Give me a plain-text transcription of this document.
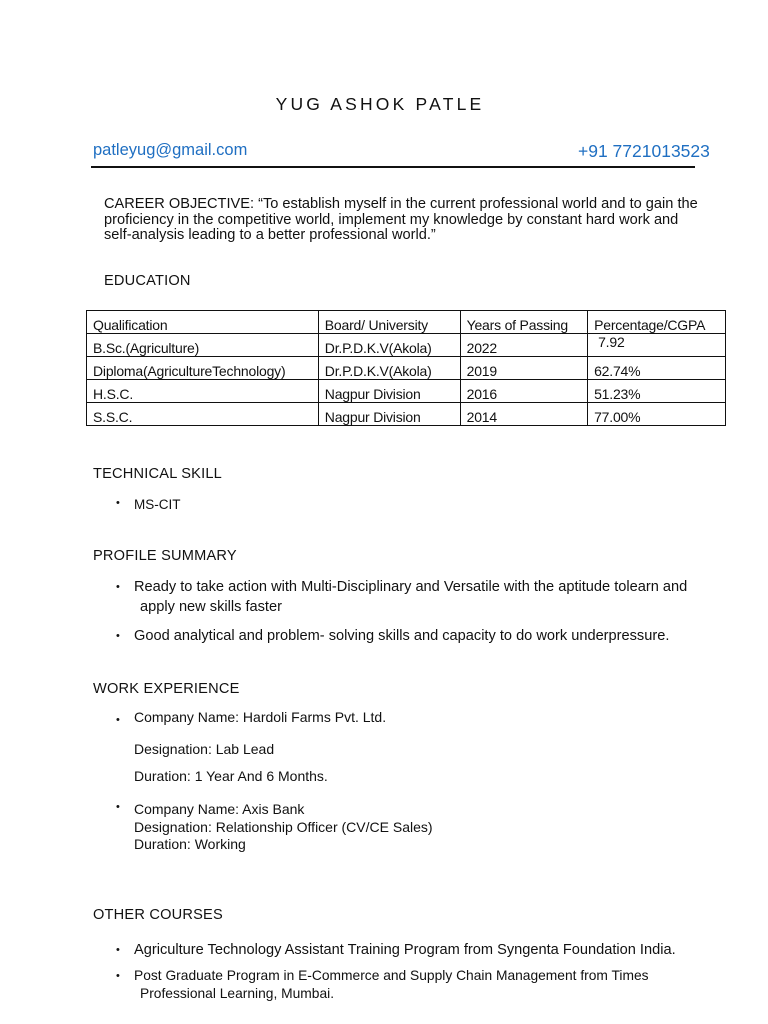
YUG ASHOK PATLE
patleyug@gmail.com	+91 7721013523
CAREER OBJECTIVE: “To establish myself in the current professional world and to gain the proficiency in the competitive world, implement my knowledge by constant hard work and self-analysis leading to a better professional world.”
EDUCATION
Qualification	Board/ University	Years of Passing	Percentage/CGPA
B.Sc.(Agriculture)	Dr.P.D.K.V(Akola)	2022	7.92
Diploma(AgricultureTechnology)	Dr.P.D.K.V(Akola)	2019	62.74%
H.S.C.	Nagpur Division	2016	51.23%
S.S.C.	Nagpur Division	2014	77.00%
TECHNICAL SKILL
• MS-CIT
PROFILE SUMMARY
• Ready to take action with Multi-Disciplinary and Versatile with the aptitude tolearn and
apply new skills faster
• Good analytical and problem- solving skills and capacity to do work underpressure.
WORK EXPERIENCE
• Company Name: Hardoli Farms Pvt. Ltd.
Designation: Lab Lead
Duration: 1 Year And 6 Months.
• Company Name: Axis Bank
Designation: Relationship Officer (CV/CE Sales)
Duration: Working
OTHER COURSES
• Agriculture Technology Assistant Training Program from Syngenta Foundation India.
• Post Graduate Program in E-Commerce and Supply Chain Management from Times
Professional Learning, Mumbai.
